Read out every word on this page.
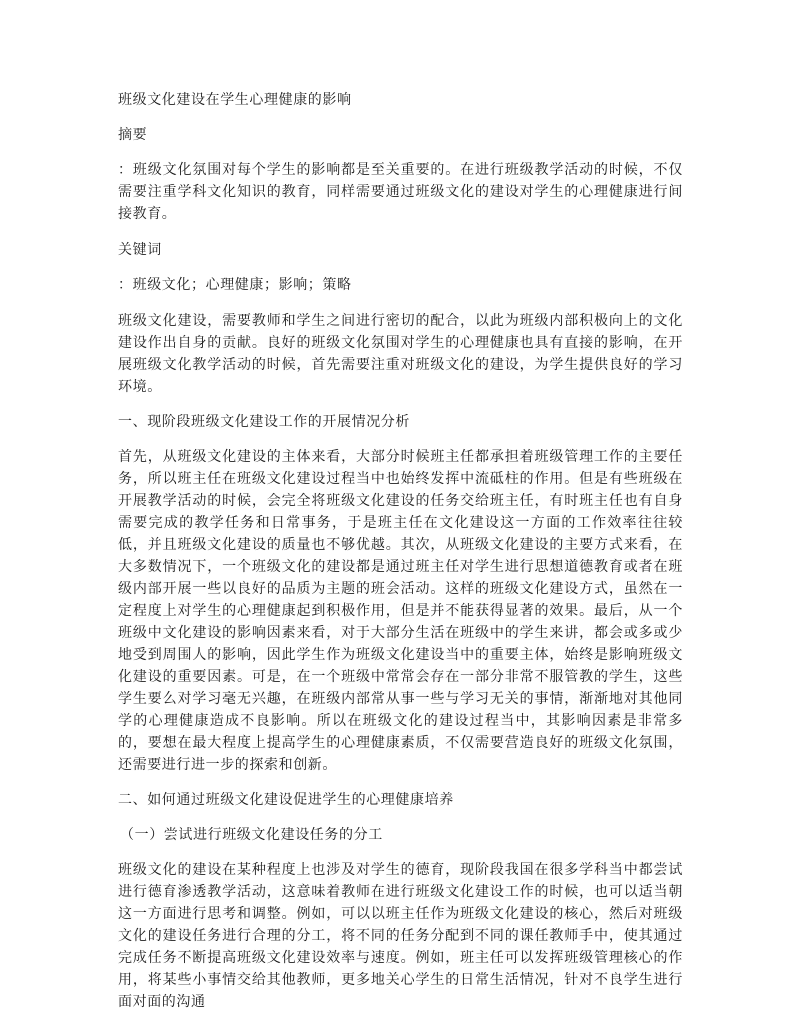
班级文化建设在学生心理健康的影响

摘要

：班级文化氛围对每个学生的影响都是至关重要的。在进行班级教学活动的时候，不仅需要注重学科文化知识的教育，同样需要通过班级文化的建设对学生的心理健康进行间接教育。

关键词

：班级文化；心理健康；影响；策略

班级文化建设，需要教师和学生之间进行密切的配合，以此为班级内部积极向上的文化建设作出自身的贡献。良好的班级文化氛围对学生的心理健康也具有直接的影响，在开展班级文化教学活动的时候，首先需要注重对班级文化的建设，为学生提供良好的学习环境。

一、现阶段班级文化建设工作的开展情况分析

首先，从班级文化建设的主体来看，大部分时候班主任都承担着班级管理工作的主要任务，所以班主任在班级文化建设过程当中也始终发挥中流砥柱的作用。但是有些班级在开展教学活动的时候，会完全将班级文化建设的任务交给班主任，有时班主任也有自身需要完成的教学任务和日常事务，于是班主任在文化建设这一方面的工作效率往往较低，并且班级文化建设的质量也不够优越。其次，从班级文化建设的主要方式来看，在大多数情况下，一个班级文化的建设都是通过班主任对学生进行思想道德教育或者在班级内部开展一些以良好的品质为主题的班会活动。这样的班级文化建设方式，虽然在一定程度上对学生的心理健康起到积极作用，但是并不能获得显著的效果。最后，从一个班级中文化建设的影响因素来看，对于大部分生活在班级中的学生来讲，都会或多或少地受到周围人的影响，因此学生作为班级文化建设当中的重要主体，始终是影响班级文化建设的重要因素。可是，在一个班级中常常会存在一部分非常不服管教的学生，这些学生要么对学习毫无兴趣，在班级内部常从事一些与学习无关的事情，渐渐地对其他同学的心理健康造成不良影响。所以在班级文化的建设过程当中，其影响因素是非常多的，要想在最大程度上提高学生的心理健康素质，不仅需要营造良好的班级文化氛围，还需要进行进一步的探索和创新。

二、如何通过班级文化建设促进学生的心理健康培养

（一）尝试进行班级文化建设任务的分工

班级文化的建设在某种程度上也涉及对学生的德育，现阶段我国在很多学科当中都尝试进行德育渗透教学活动，这意味着教师在进行班级文化建设工作的时候，也可以适当朝这一方面进行思考和调整。例如，可以以班主任作为班级文化建设的核心，然后对班级文化的建设任务进行合理的分工，将不同的任务分配到不同的课任教师手中，使其通过完成任务不断提高班级文化建设效率与速度。例如，班主任可以发挥班级管理核心的作用，将某些小事情交给其他教师，更多地关心学生的日常生活情况，针对不良学生进行面对面的沟通
